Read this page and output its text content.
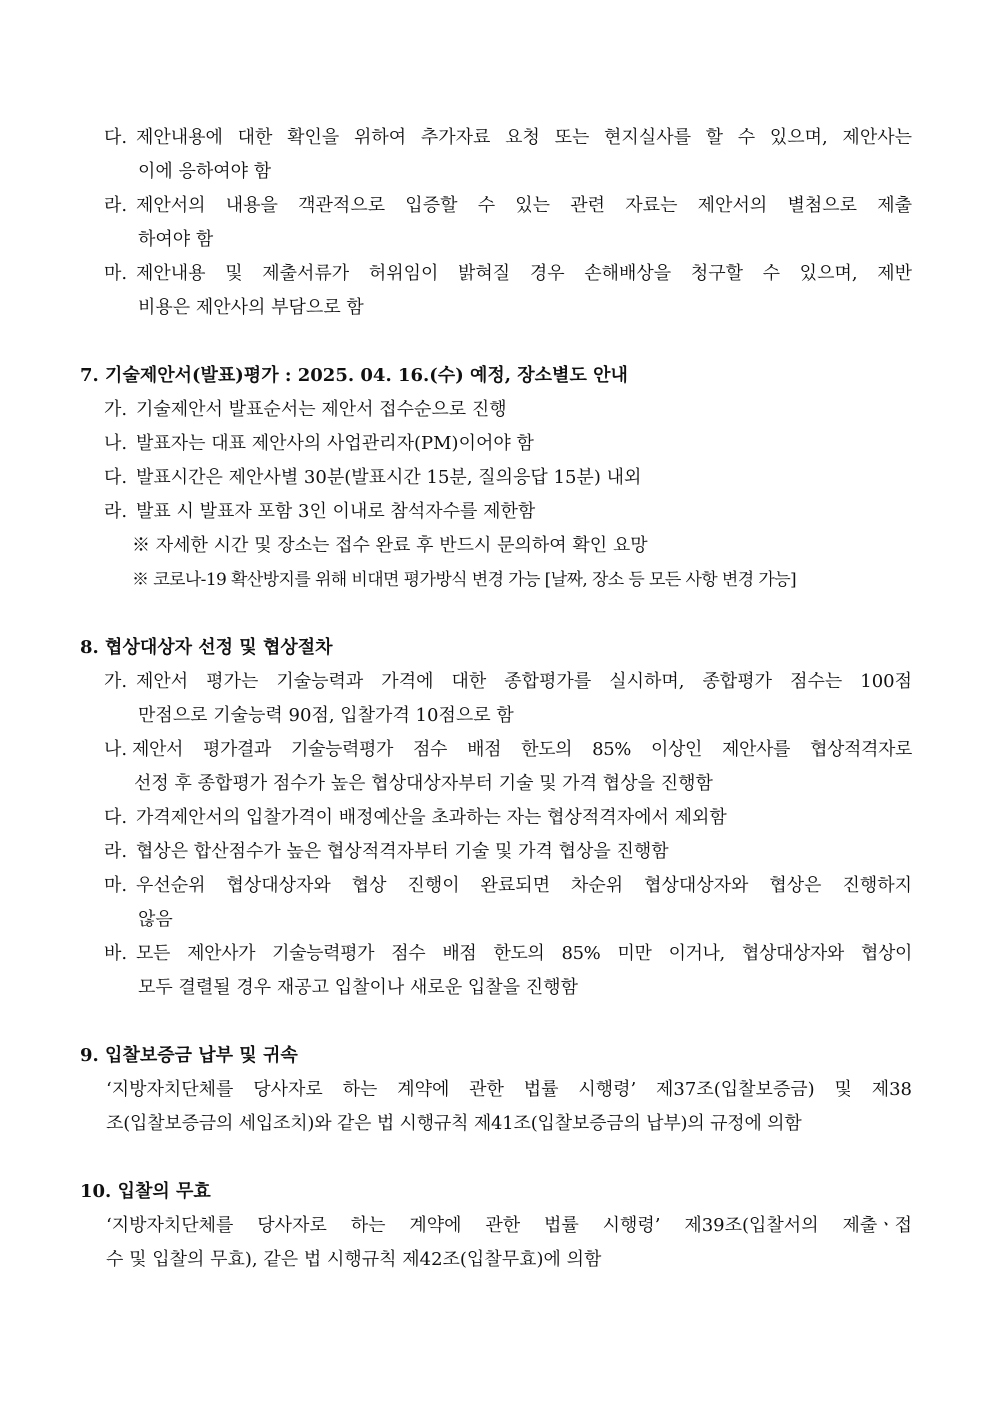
다. 제안내용에 대한 확인을 위하여 추가자료 요청 또는 현지실사를 할 수 있으며, 제안사는
이에 응하여야 함
라. 제안서의 내용을 객관적으로 입증할 수 있는 관련 자료는 제안서의 별첨으로 제출
하여야 함
마. 제안내용 및 제출서류가 허위임이 밝혀질 경우 손해배상을 청구할 수 있으며, 제반
비용은 제안사의 부담으로 함
7. 기술제안서(발표)평가 : 2025. 04. 16.(수) 예정, 장소별도 안내
가. 기술제안서 발표순서는 제안서 접수순으로 진행
나. 발표자는 대표 제안사의 사업관리자(PM)이어야 함
다. 발표시간은 제안사별 30분(발표시간 15분, 질의응답 15분) 내외
라. 발표 시 발표자 포함 3인 이내로 참석자수를 제한함
※ 자세한 시간 및 장소는 접수 완료 후 반드시 문의하여 확인 요망
※ 코로나-19 확산방지를 위해 비대면 평가방식 변경 가능 [날짜, 장소 등 모든 사항 변경 가능]
8. 협상대상자 선정 및 협상절차
가. 제안서 평가는 기술능력과 가격에 대한 종합평가를 실시하며, 종합평가 점수는 100점
만점으로 기술능력 90점, 입찰가격 10점으로 함
나. 제안서 평가결과 기술능력평가 점수 배점 한도의 85% 이상인 제안사를 협상적격자로
선정 후 종합평가 점수가 높은 협상대상자부터 기술 및 가격 협상을 진행함
다. 가격제안서의 입찰가격이 배정예산을 초과하는 자는 협상적격자에서 제외함
라. 협상은 합산점수가 높은 협상적격자부터 기술 및 가격 협상을 진행함
마. 우선순위 협상대상자와 협상 진행이 완료되면 차순위 협상대상자와 협상은 진행하지
않음
바. 모든 제안사가 기술능력평가 점수 배점 한도의 85% 미만 이거나, 협상대상자와 협상이
모두 결렬될 경우 재공고 입찰이나 새로운 입찰을 진행함
9. 입찰보증금 납부 및 귀속
‘지방자치단체를 당사자로 하는 계약에 관한 법률 시행령’ 제37조(입찰보증금) 및 제38
조(입찰보증금의 세입조치)와 같은 법 시행규칙 제41조(입찰보증금의 납부)의 규정에 의함
10. 입찰의 무효
‘지방자치단체를 당사자로 하는 계약에 관한 법률 시행령’ 제39조(입찰서의 제출ㆍ접
수 및 입찰의 무효), 같은 법 시행규칙 제42조(입찰무효)에 의함
